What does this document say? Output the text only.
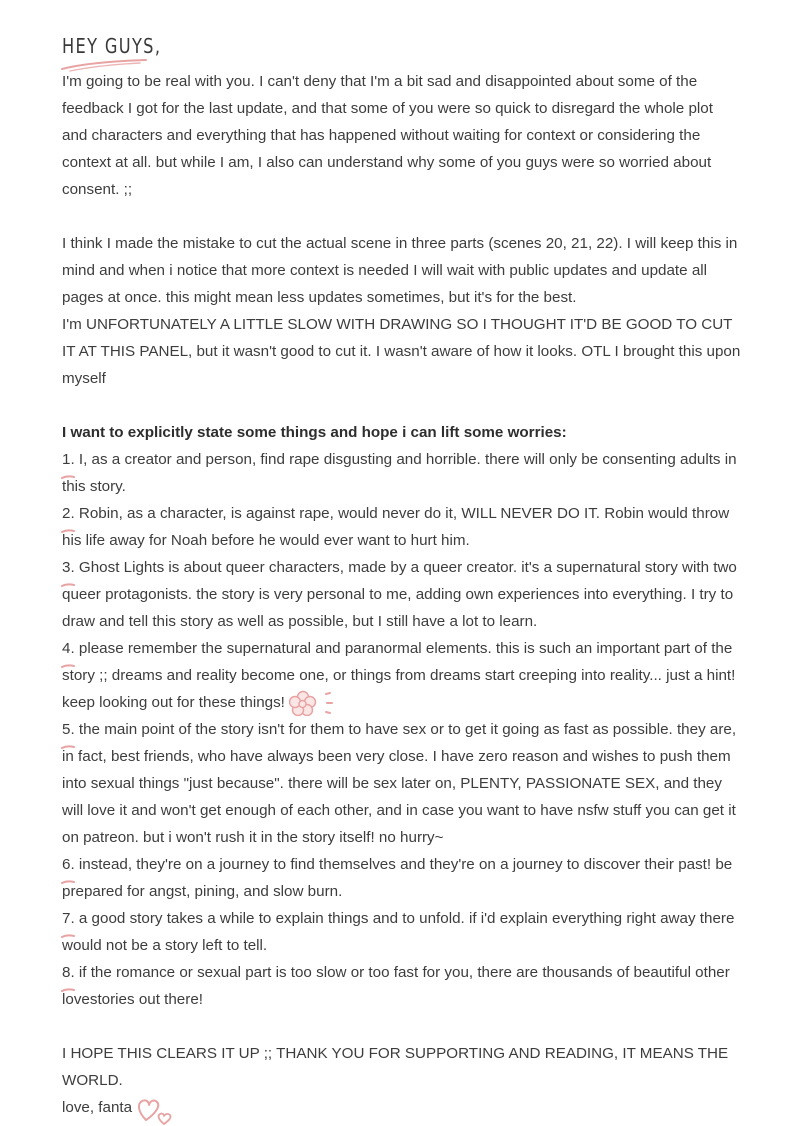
HEY GUYS,

I'm going to be real with you. I can't deny that I'm a bit sad and disappointed about some of the feedback I got for the last update, and that some of you were so quick to disregard the whole plot and characters and everything that has happened without waiting for context or considering the context at all. but while I am, I also can understand why some of you guys were so worried about consent. ;;

I think I made the mistake to cut the actual scene in three parts (scenes 20, 21, 22). I will keep this in mind and when i notice that more context is needed I will wait with public updates and update all pages at once. this might mean less updates sometimes, but it's for the best.

I'm UNFORTUNATELY A LITTLE SLOW WITH DRAWING SO I THOUGHT IT'D BE GOOD TO CUT IT AT THIS PANEL, but it wasn't good to cut it. I wasn't aware of how it looks. OTL I brought this upon myself

I want to explicitly state some things and hope i can lift some worries:

1.
I, as a creator and person, find rape disgusting and horrible. there will only be consenting adults in this story.

2.
Robin, as a character, is against rape, would never do it, WILL NEVER DO IT. Robin would throw his life away for Noah before he would ever want to hurt him.

3.
Ghost Lights is about queer characters, made by a queer creator. it's a supernatural story with two queer protagonists. the story is very personal to me, adding own experiences into everything. I try to draw and tell this story as well as possible, but I still have a lot to learn.

4.
please remember the supernatural and paranormal elements. this is such an important part of the story ;; dreams and reality become one, or things from dreams start creeping into reality... just a hint! keep looking out for these things!

5.
the main point of the story isn't for them to have sex or to get it going as fast as possible. they are, in fact, best friends, who have always been very close. I have zero reason and wishes to push them into sexual things "just because". there will be sex later on, PLENTY, PASSIONATE SEX, and they will love it and won't get enough of each other, and in case you want to have nsfw stuff you can get it on patreon. but i won't rush it in the story itself! no hurry~

6.
instead, they're on a journey to find themselves and they're on a journey to discover their past! be prepared for angst, pining, and slow burn.

7.
a good story takes a while to explain things and to unfold. if i'd explain everything right away there would not be a story left to tell.

8.
if the romance or sexual part is too slow or too fast for you, there are thousands of beautiful other lovestories out there!

I HOPE THIS CLEARS IT UP ;; THANK YOU FOR SUPPORTING AND READING, IT MEANS THE WORLD.

love, fanta
